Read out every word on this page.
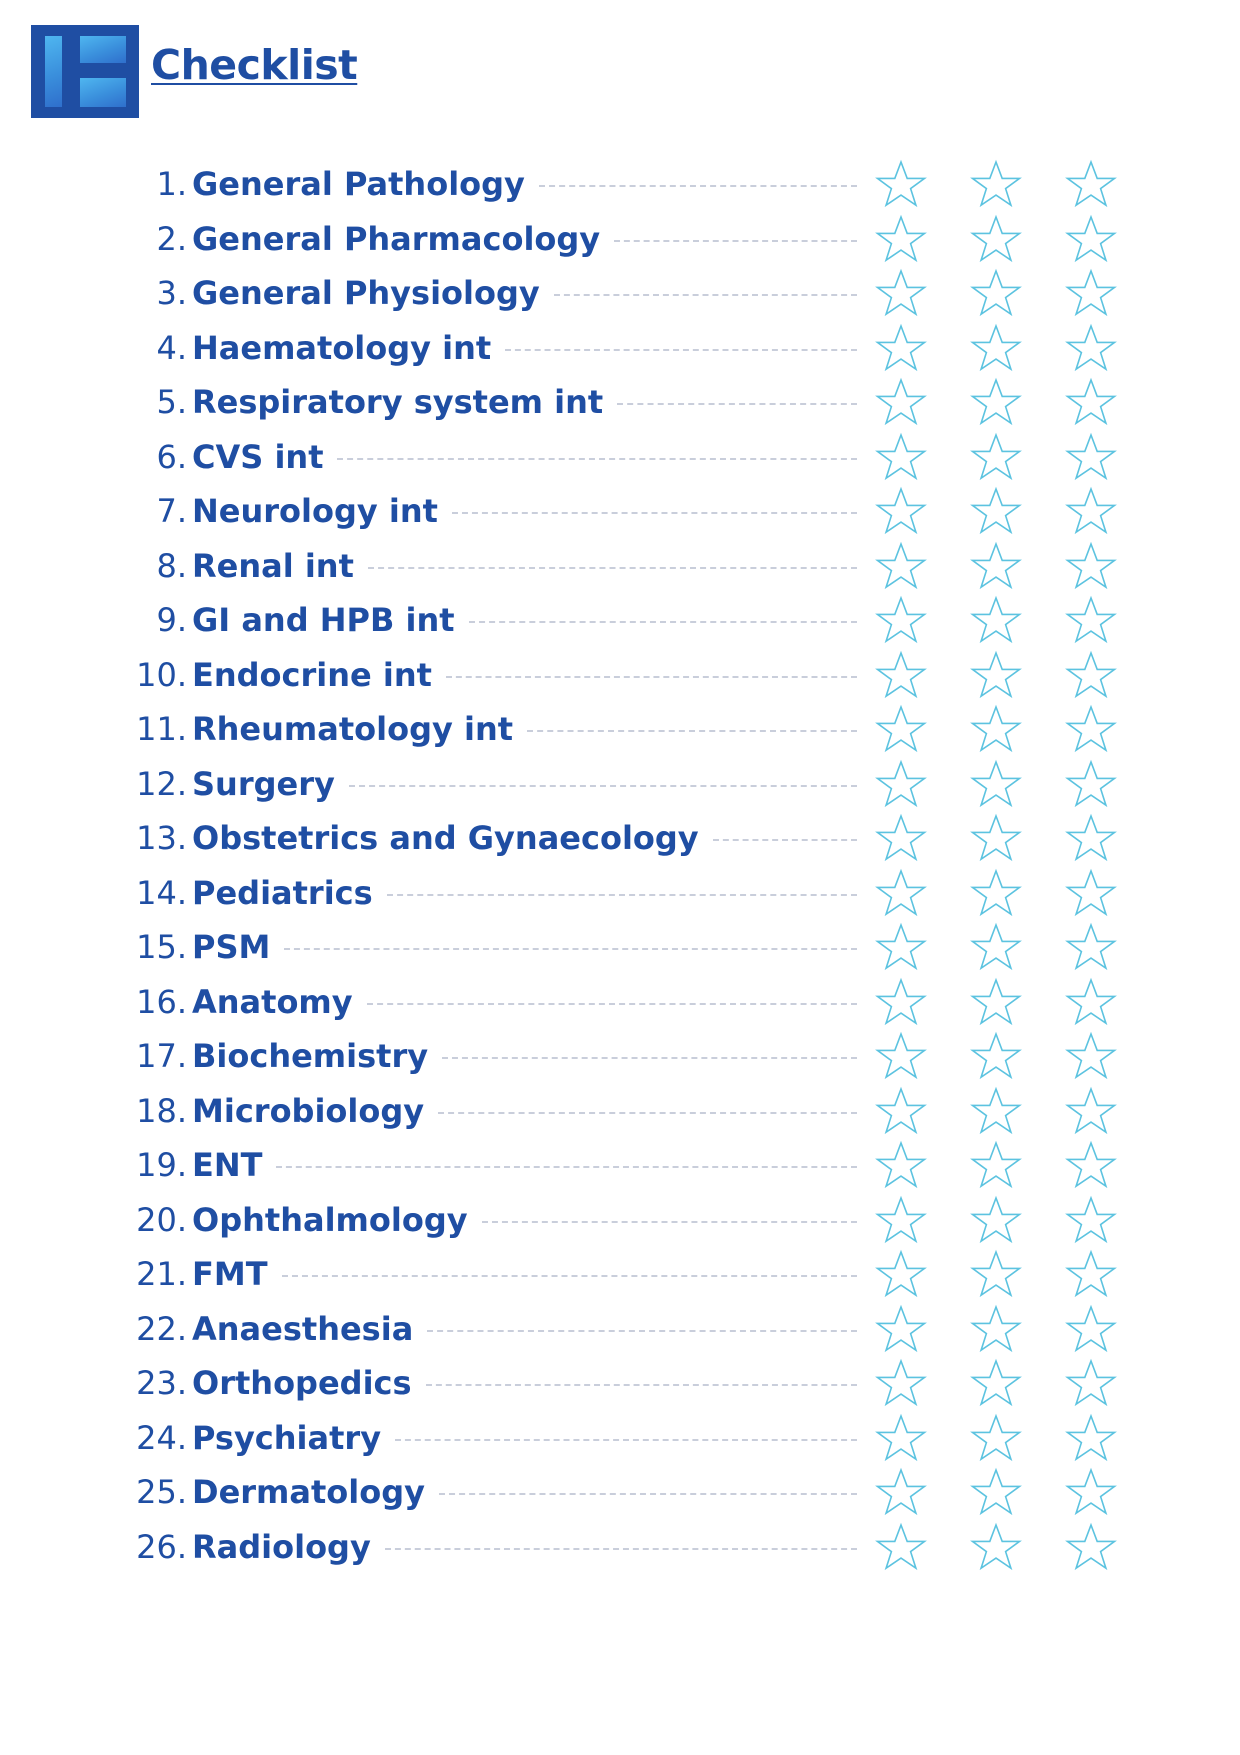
Checklist
1. General Pathology
2. General Pharmacology
3. General Physiology
4. Haematology int
5. Respiratory system int
6. CVS int
7. Neurology int
8. Renal int
9. GI and HPB int
10. Endocrine int
11. Rheumatology int
12. Surgery
13. Obstetrics and Gynaecology
14. Pediatrics
15. PSM
16. Anatomy
17. Biochemistry
18. Microbiology
19. ENT
20. Ophthalmology
21. FMT
22. Anaesthesia
23. Orthopedics
24. Psychiatry
25. Dermatology
26. Radiology
